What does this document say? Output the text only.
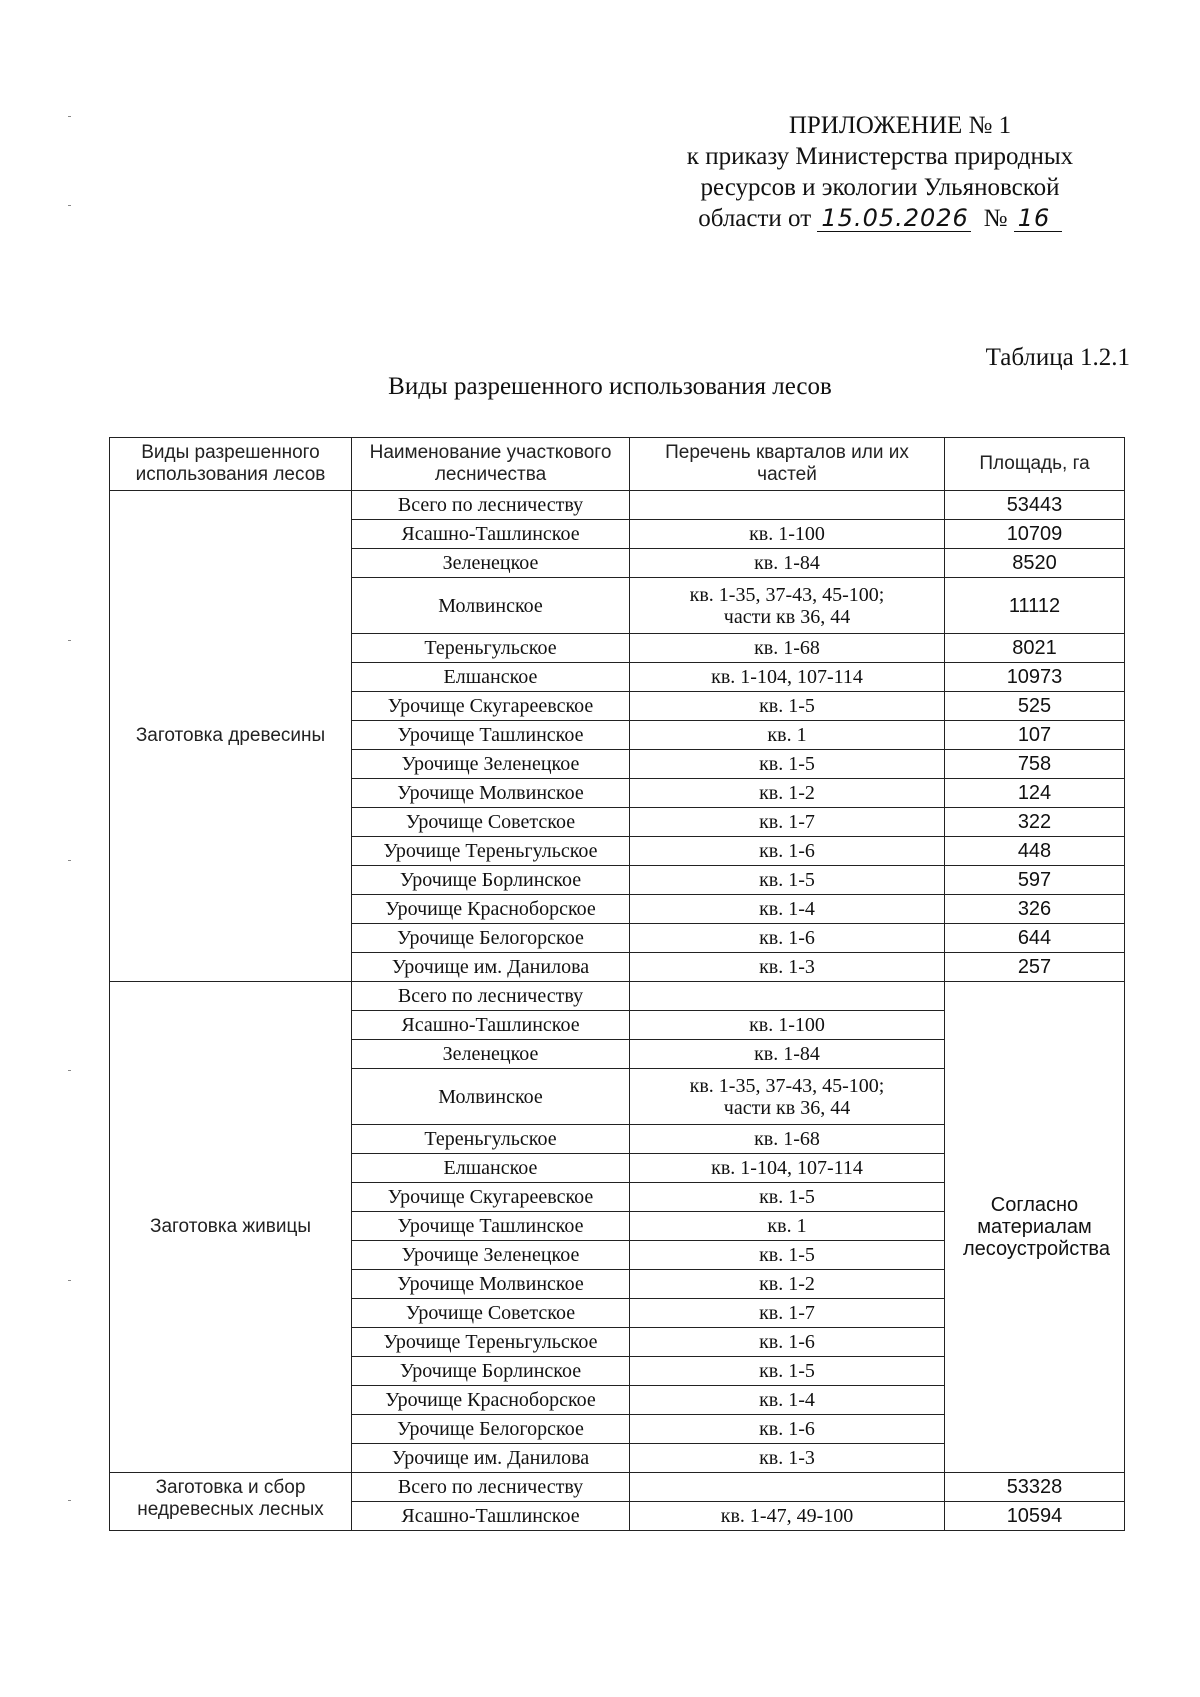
ПРИЛОЖЕНИЕ № 1
к приказу Министерства природных
ресурсов и экологии Ульяновской
области от 15.05.2026 № 16
Таблица 1.2.1
Виды разрешенного использования лесов
Виды разрешенного использования лесов	Наименование участкового лесничества	Перечень кварталов или их частей	Площадь, га
Заготовка древесины	Всего по лесничеству		53443
	Ясашно-Ташлинское	кв. 1-100	10709
	Зеленецкое	кв. 1-84	8520
	Молвинское	кв. 1-35, 37-43, 45-100;
части кв 36, 44	11112
	Тереньгульское	кв. 1-68	8021
	Елшанское	кв. 1-104, 107-114	10973
	Урочище Скугареевское	кв. 1-5	525
	Урочище Ташлинское	кв. 1	107
	Урочище Зеленецкое	кв. 1-5	758
	Урочище Молвинское	кв. 1-2	124
	Урочище Советское	кв. 1-7	322
	Урочище Тереньгульское	кв. 1-6	448
	Урочище Борлинское	кв. 1-5	597
	Урочище Красноборское	кв. 1-4	326
	Урочище Белогорское	кв. 1-6	644
	Урочище им. Данилова	кв. 1-3	257
Заготовка живицы	Всего по лесничеству		Согласно материалам лесоустройства
	Ясашно-Ташлинское	кв. 1-100	

	Зеленецкое	кв. 1-84	

	Молвинское	кв. 1-35, 37-43, 45-100;
части кв 36, 44	

	Тереньгульское	кв. 1-68	

	Елшанское	кв. 1-104, 107-114	

	Урочище Скугареевское	кв. 1-5	

	Урочище Ташлинское	кв. 1	

	Урочище Зеленецкое	кв. 1-5	

	Урочище Молвинское	кв. 1-2	

	Урочище Советское	кв. 1-7	

	Урочище Тереньгульское	кв. 1-6	

	Урочище Борлинское	кв. 1-5	

	Урочище Красноборское	кв. 1-4	

	Урочище Белогорское	кв. 1-6	

	Урочище им. Данилова	кв. 1-3	

Заготовка и сбор недревесных лесных	Всего по лесничеству		53328
	Ясашно-Ташлинское	кв. 1-47, 49-100	10594
